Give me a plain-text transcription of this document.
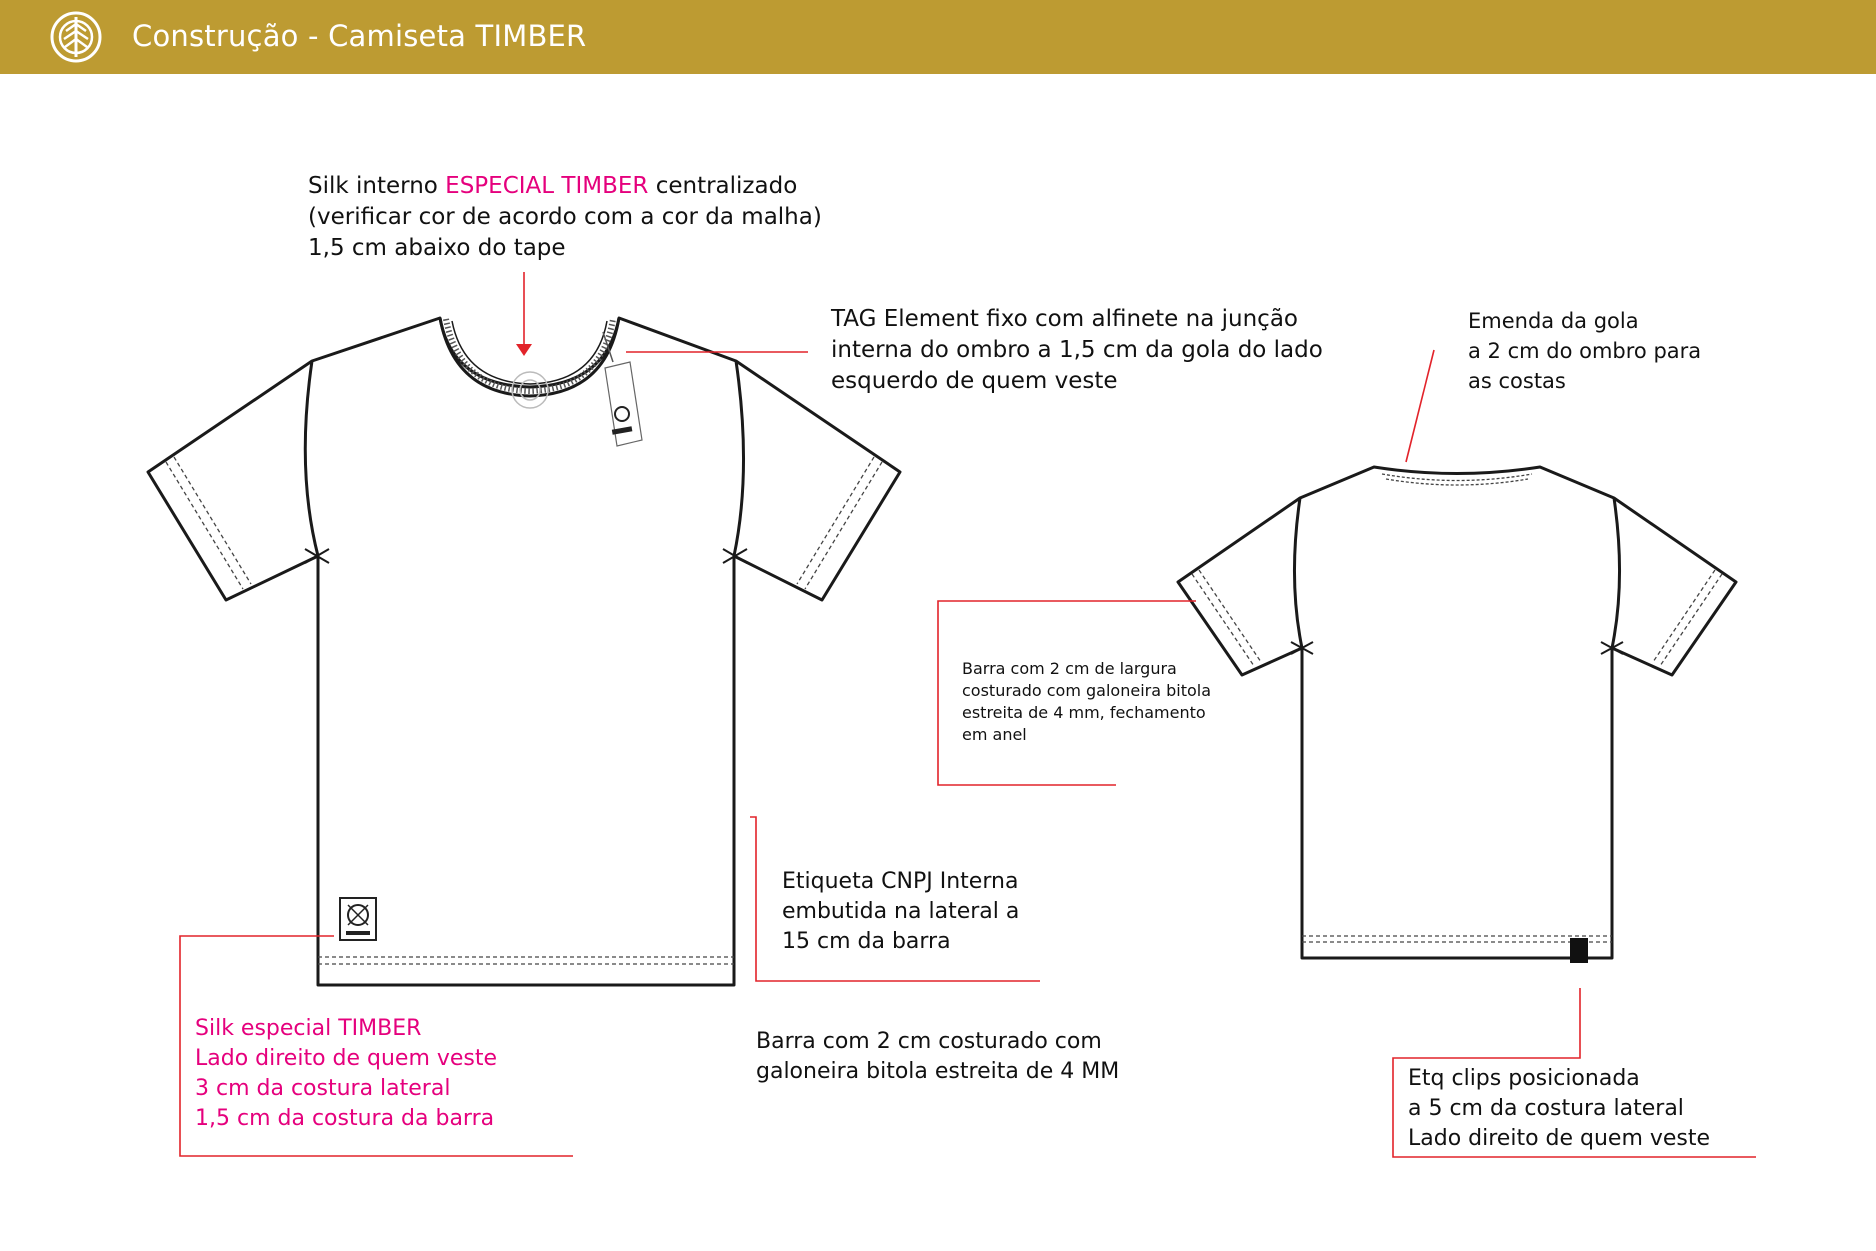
Construção - Camiseta TIMBER
Silk interno ESPECIAL TIMBER centralizado
(verificar cor de acordo com a cor da malha)
1,5 cm abaixo do tape
TAG Element fixo com alfinete na junção
interna do ombro a 1,5 cm da gola do lado
esquerdo de quem veste
Emenda da gola
a 2 cm do ombro para
as costas
Barra com 2 cm de largura
costurado com galoneira bitola
estreita de 4 mm, fechamento
em anel
Etiqueta CNPJ Interna
embutida na lateral a
15 cm da barra
Silk especial TIMBER
Lado direito de quem veste
3 cm da costura lateral
1,5 cm da costura da barra
Barra com 2 cm costurado com
galoneira bitola estreita de 4 MM	Etq clips posicionada
a 5 cm da costura lateral
Lado direito de quem veste
